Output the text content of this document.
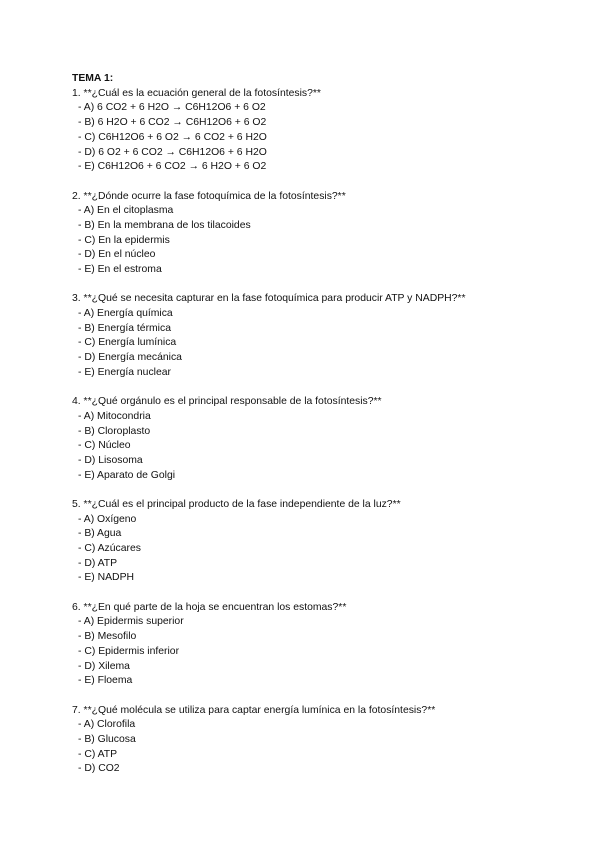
TEMA 1:
1. **¿Cuál es la ecuación general de la fotosíntesis?**
- A) 6 CO2 + 6 H2O → C6H12O6 + 6 O2
- B) 6 H2O + 6 CO2 → C6H12O6 + 6 O2
- C) C6H12O6 + 6 O2 → 6 CO2 + 6 H2O
- D) 6 O2 + 6 CO2 → C6H12O6 + 6 H2O
- E) C6H12O6 + 6 CO2 → 6 H2O + 6 O2
2. **¿Dónde ocurre la fase fotoquímica de la fotosíntesis?**
- A) En el citoplasma
- B) En la membrana de los tilacoides
- C) En la epidermis
- D) En el núcleo
- E) En el estroma
3. **¿Qué se necesita capturar en la fase fotoquímica para producir ATP y NADPH?**
- A) Energía química
- B) Energía térmica
- C) Energía lumínica
- D) Energía mecánica
- E) Energía nuclear
4. **¿Qué orgánulo es el principal responsable de la fotosíntesis?**
- A) Mitocondria
- B) Cloroplasto
- C) Núcleo
- D) Lisosoma
- E) Aparato de Golgi
5. **¿Cuál es el principal producto de la fase independiente de la luz?**
- A) Oxígeno
- B) Agua
- C) Azúcares
- D) ATP
- E) NADPH
6. **¿En qué parte de la hoja se encuentran los estomas?**
- A) Epidermis superior
- B) Mesofilo
- C) Epidermis inferior
- D) Xilema
- E) Floema
7. **¿Qué molécula se utiliza para captar energía lumínica en la fotosíntesis?**
- A) Clorofila
- B) Glucosa
- C) ATP
- D) CO2
